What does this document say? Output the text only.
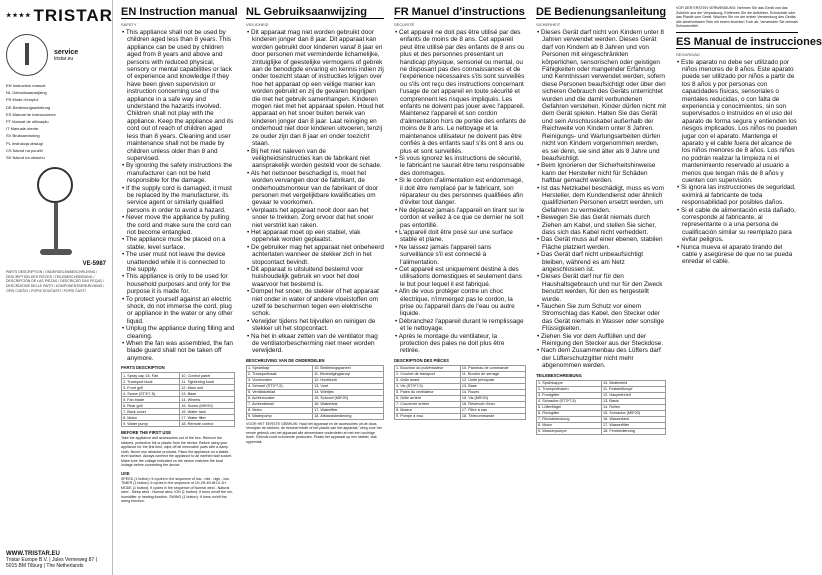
★★★★ TRISTAR
service
tristar.eu
EN Instruction manual
NL Gebruiksaanwijzing
FR Mode d'emploi
DE Bedienungsanleitung
ES Manual de instrucciones
PT Manual de utilização
IT Manuale utente
SV Bruksanvisning
PL Instrukcja obsługi
CS Návod na použití
SK Návod na obsluhu
VE-5987
PARTS DESCRIPTION / ONDERDELENBESCHRIJVING / DESCRIPTION DES PIÈCES / TEILEBESCHREIBUNG / DESCRIPCIÓN DE LAS PIEZAS / DESCRIÇÃO DAS PEÇAS / DESCRIZIONE DELLE PARTI / KOMPONENTBESKRIVNING / OPIS CZĘŚCI / POPIS SOUČÁSTÍ / POPIS ČASTÍ
WWW.TRISTAR.EU
Tristar Europe B.V. | Jules Verneweg 87 | 5015 BM Tilburg | The Netherlands
EN Instruction manual
SAFETY

• This appliance shall not be used by children aged less than 8 years. This appliance can be used by children aged from 8 years and above and persons with reduced physical, sensory or mental capabilities or lack of experience and knowledge if they have been given supervision or instruction concerning use of the appliance in a safe way and understand the hazards involved. Children shall not play with the appliance. Keep the appliance and its cord out of reach of children aged less than 8 years. Cleaning and user maintenance shall not be made by children unless older than 8 and supervised.

• By ignoring the safety instructions the manufacturer can not be held responsible for the damage.

• If the supply cord is damaged, it must be replaced by the manufacturer, its service agent or similarly qualified persons in order to avoid a hazard.

• Never move the appliance by pulling the cord and make sure the cord can not become entangled.

• The appliance must be placed on a stable, level surface.

• The user must not leave the device unattended while it is connected to the supply.

• This appliance is only to be used for household purposes and only for the purpose it is made for.

• To protect yourself against an electric shock, do not immerse the cord, plug or appliance in the water or any other liquid.

• Unplug the appliance during filling and cleaning.

• When the fan was assembled, the fan blade guard shall not be taken off anymore.

PARTS DESCRIPTION
1. Spray cap 15. Fan	10. Control panel
2. Transport hook	11. Tightening knob
3. Front grill	12. Main unit
4. Screw (ST3*7.5)	13. Base
5. Fan blade	14. Wheels
6. Rear grill	15. Screw (M5*20)
7. Back cover	16. Water tank
8. Motor	17. Water filter
9. Water pump	18. Remote control
BEFORE THE FIRST USE

Take the appliance and accessories out of the box. Remove the stickers, protective foil or plastic from the device. Before using your appliance for the first time, wipe off all removable parts with a damp cloth. Never use abrasive products. Place the appliance on a stable, level surface. Always connect the appliance to an earthed wall socket. Make sure the voltage indicated on the device matches the local voltage before connecting the device.

USE

SPEED (1 button): It cycles in the sequence of low - mid - high - low. TIMER (1 button): It cycles in the sequence of 1H-2H-4H-8H-0-1H. MODE (1 button): It cycles in the sequence of Normal wind - Natural wind - Sleep wind - Normal wind. ION (1 button): It turns on/off the ion, humidifier or heating function. SWING (1 button): It turns on/off the swing function.

NL Gebruiksaanwijzing
VEILIGHEID

• Dit apparaat mag niet worden gebruikt door kinderen jonger dan 8 jaar. Dit apparaat kan worden gebruikt door kinderen vanaf 8 jaar en door personen met verminderde lichamelijke, zintuiglijke of geestelijke vermogens of gebrek aan de benodigde ervaring en kennis indien zij onder toezicht staan of instructies krijgen over hoe het apparaat op een veilige manier kan worden gebruikt en zij de gevaren begrijpen die met het gebruik samenhangen. Kinderen mogen niet met het apparaat spelen. Houd het apparaat en het snoer buiten bereik van kinderen jonger dan 8 jaar. Laat reiniging en onderhoud niet door kinderen uitvoeren, tenzij ze ouder zijn dan 8 jaar en onder toezicht staan.

• Bij het niet naleven van de veiligheidsinstructies kan de fabrikant niet aansprakelijk worden gesteld voor de schade.

• Als het netsnoer beschadigd is, moet het worden vervangen door de fabrikant, de onderhoudsmonteur van de fabrikant of door personen met vergelijkbare kwalificaties om gevaar te voorkomen.

• Verplaats het apparaat nooit door aan het snoer te trekken. Zorg ervoor dat het snoer niet verstrikt kan raken.

• Het apparaat moet op een stabiel, vlak oppervlak worden geplaatst.

• De gebruiker mag het apparaat niet onbeheerd achterlaten wanneer de stekker zich in het stopcontact bevindt.

• Dit apparaat is uitsluitend bestemd voor huishoudelijk gebruik en voor het doel waarvoor het bestemd is.

• Dompel het snoer, de stekker of het apparaat niet onder in water of andere vloeistoffen om uzelf te beschermen tegen een elektrische schok.

• Verwijder tijdens het bijvullen en reinigen de stekker uit het stopcontact.

• Na het in elkaar zetten van de ventilator mag de ventilatorbescherming niet meer worden verwijderd.

BESCHRIJVING VAN DE ONDERDELEN
1. Sproeikap	10. Bedieningspaneel
2. Transporthaak	11. Bevestigingsknop
3. Voorrooster	12. Hoofdunit
4. Schroef (ST3*7,5)	13. Voet
5. Ventilatorblad	14. Wieltjes
6. Achterrooster	15. Schroef (M5*20)
7. Achterdeksel	16. Watertank
8. Motor	17. Waterfilter
9. Waterpomp	18. Afstandsbediening

VOOR HET EERSTE GEBRUIK: Haal het apparaat en de accessoires uit de doos. Verwijder de stickers, de beschermfolie of het plastic van het apparaat. Veeg voor het eerste gebruik van het apparaat alle afneembare onderdelen af met een vochtige doek. Gebruik nooit schurende producten. Plaats het apparaat op een stabiel, vlak oppervlak.

FR Manuel d'instructions
SÉCURITÉ

• Cet appareil ne doit pas être utilisé par des enfants de moins de 8 ans. Cet appareil peut être utilisé par des enfants de 8 ans ou plus et des personnes présentant un handicap physique, sensoriel ou mental, ou ne disposant pas des connaissances et de l'expérience nécessaires s'ils sont surveillés ou s'ils ont reçu des instructions concernant l'usage de cet appareil en toute sécurité et comprennent les risques impliqués. Les enfants ne doivent pas jouer avec l'appareil. Maintenez l'appareil et son cordon d'alimentation hors de portée des enfants de moins de 8 ans. Le nettoyage et la maintenance utilisateur ne doivent pas être confiés à des enfants sauf s'ils ont 8 ans ou plus et sont surveillés.

• Si vous ignorez les instructions de sécurité, le fabricant ne saurait être tenu responsable des dommages.

• Si le cordon d'alimentation est endommagé, il doit être remplacé par le fabricant, son réparateur ou des personnes qualifiées afin d'éviter tout danger.

• Ne déplacez jamais l'appareil en tirant sur le cordon et veillez à ce que ce dernier ne soit pas entortillé.

• L'appareil doit être posé sur une surface stable et plane.

• Ne laissez jamais l'appareil sans surveillance s'il est connecté à l'alimentation.

• Cet appareil est uniquement destiné à des utilisations domestiques et seulement dans le but pour lequel il est fabriqué.

• Afin de vous protéger contre un choc électrique, n'immergez pas le cordon, la prise ou l'appareil dans de l'eau ou autre liquide.

• Débranchez l'appareil durant le remplissage et le nettoyage.

• Après le montage du ventilateur, la protection des pales ne doit plus être retirée.

DESCRIPTION DES PIÈCES
1. Bouchon du pulvérisateur	10. Panneau de commande
2. Crochet de transport	11. Bouton de serrage
3. Grille avant	12. Unité principale
4. Vis (ST3*7,5)	13. Base
5. Pales du ventilateur	14. Roues
6. Grille arrière	15. Vis (M5*20)
7. Couvercle arrière	16. Réservoir d'eau
8. Moteur	17. Filtre à eau
9. Pompe à eau	18. Télécommande
DE Bedienungsanleitung
SICHERHEIT

• Dieses Gerät darf nicht von Kindern unter 8 Jahren verwendet werden. Dieses Gerät darf von Kindern ab 8 Jahren und von Personen mit eingeschränkten körperlichen, sensorischen oder geistigen Fähigkeiten oder mangelnder Erfahrung und Kenntnissen verwendet werden, sofern diese Personen beaufsichtigt oder über den sicheren Gebrauch des Geräts unterrichtet wurden und die damit verbundenen Gefahren verstehen. Kinder dürfen nicht mit dem Gerät spielen. Halten Sie das Gerät und sein Anschlusskabel außerhalb der Reichweite von Kindern unter 8 Jahren. Reinigungs- und Wartungsarbeiten dürfen nicht von Kindern vorgenommen werden, es sei denn, sie sind älter als 8 Jahre und beaufsichtigt.

• Beim Ignorieren der Sicherheitshinweise kann der Hersteller nicht für Schäden haftbar gemacht werden.

• Ist das Netzkabel beschädigt, muss es vom Hersteller, dem Kundendienst oder ähnlich qualifizierten Personen ersetzt werden, um Gefahren zu vermeiden.

• Bewegen Sie das Gerät niemals durch Ziehen am Kabel, und stellen Sie sicher, dass sich das Kabel nicht verheddert.

• Das Gerät muss auf einer ebenen, stabilen Fläche platziert werden.

• Das Gerät darf nicht unbeaufsichtigt bleiben, während es am Netz angeschlossen ist.

• Dieses Gerät darf nur für den Haushaltsgebrauch und nur für den Zweck benutzt werden, für den es hergestellt wurde.

• Tauchen Sie zum Schutz vor einem Stromschlag das Kabel, den Stecker oder das Gerät niemals in Wasser oder sonstige Flüssigkeiten.

• Ziehen Sie vor dem Auffüllen und der Reinigung den Stecker aus der Steckdose.

• Nach dem Zusammenbau des Lüfters darf der Lüfterschutzgitter nicht mehr abgenommen werden.

TEILEBESCHREIBUNG
1. Sprühkappe	10. Bedienfeld
2. Transporthaken	11. Feststellknopf
3. Frontgitter	12. Haupteinheit
4. Schraube (ST3*7,5)	13. Basis
5. Lüfterflügel	14. Rollen
6. Rückgitter	15. Schraube (M5*20)
7. Rückabdeckung	16. Wassertank
8. Motor	17. Wasserfilter
9. Wasserpumpe	18. Fernbedienung

VOR DER ERSTEN VERWENDUNG: Nehmen Sie das Gerät und das Zubehör aus der Verpackung. Entfernen Sie die Aufkleber, Schutzfolie oder das Plastik vom Gerät. Wischen Sie vor der ersten Verwendung des Geräts alle abnehmbaren Teile mit einem feuchten Tuch ab. Verwenden Sie niemals Scheuermittel.

ES Manual de instrucciones
SEGURIDAD

• Este aparato no debe ser utilizado por niños menores de 8 años. Este aparato puede ser utilizado por niños a partir de los 8 años y por personas con capacidades físicas, sensoriales o mentales reducidas, o con falta de experiencia y conocimientos, sin son supervisados o instruidos en el uso del aparato de forma segura y entienden los riesgos implicados. Los niños no pueden jugar con el aparato. Mantenga el aparato y el cable fuera del alcance de los niños menores de 8 años. Los niños no podrán realizar la limpieza ni el mantenimiento reservado al usuario a menos que tengan más de 8 años y cuenten con supervisión.

• Si ignora las instrucciones de seguridad, eximirá al fabricante de toda responsabilidad por posibles daños.

• Si el cable de alimentación está dañado, corresponde al fabricante, al representante o a una persona de cualificación similar su reemplazo para evitar peligros.

• Nunca mueva el aparato tirando del cable y asegúrese de que no se pueda enredar el cable.
